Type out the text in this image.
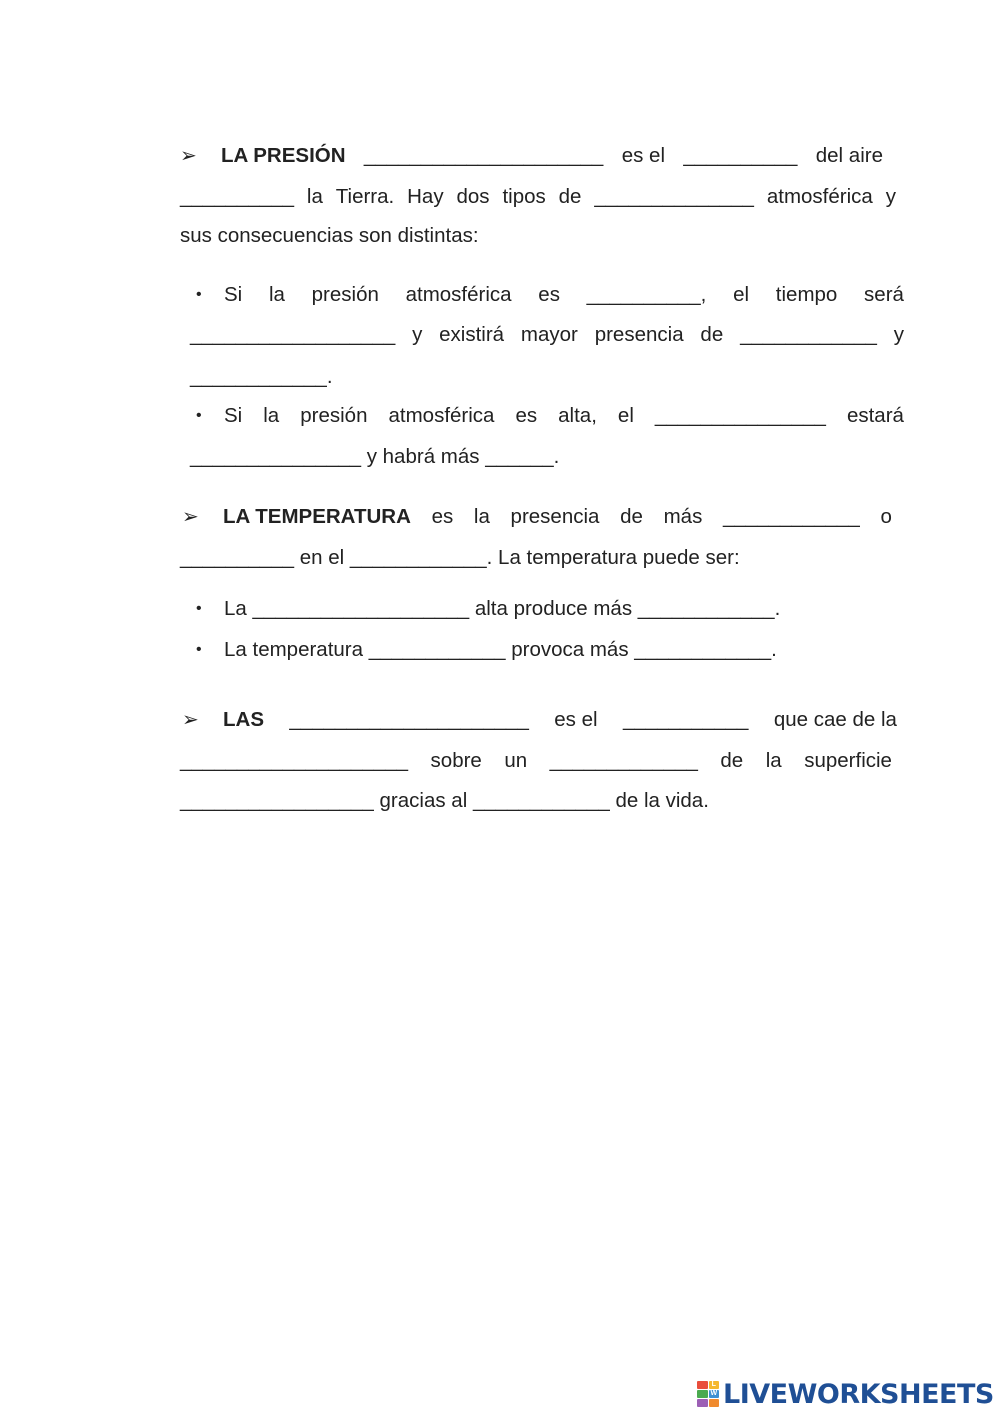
➢ LA PRESIÓN _____________________ es el __________ del aire
__________ la Tierra. Hay dos tipos de ______________ atmosférica y
sus consecuencias son distintas:
• Si la presión atmosférica es __________, el tiempo será
__________________ y existirá mayor presencia de ____________ y
____________.
• Si la presión atmosférica es alta, el _______________ estará
_______________ y habrá más ______.
➢ LA TEMPERATURA es la presencia de más ____________ o
__________ en el ____________. La temperatura puede ser:
• La ___________________ alta produce más ____________.
• La temperatura ____________ provoca más ____________.
➢ LAS _____________________ es el ___________ que cae de la
____________________ sobre un _____________ de la superficie
_________________ gracias al ____________ de la vida.
L
W LIVEWORKSHEETS
